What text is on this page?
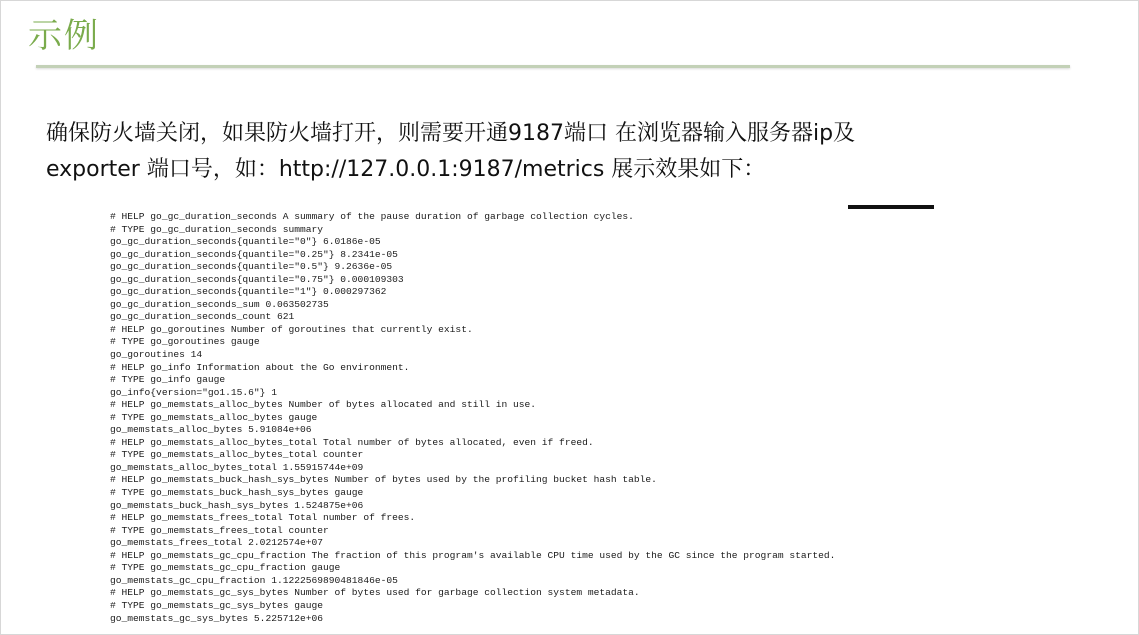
示例
确保防火墙关闭，如果防火墙打开，则需要开通9187端口 在浏览器输入服务器ip及
exporter 端口号，如：http://127.0.0.1:9187/metrics 展示效果如下：
# HELP go_gc_duration_seconds A summary of the pause duration of garbage collection cycles.
# TYPE go_gc_duration_seconds summary
go_gc_duration_seconds{quantile="0"} 6.0186e-05
go_gc_duration_seconds{quantile="0.25"} 8.2341e-05
go_gc_duration_seconds{quantile="0.5"} 9.2636e-05
go_gc_duration_seconds{quantile="0.75"} 0.000109303
go_gc_duration_seconds{quantile="1"} 0.000297362
go_gc_duration_seconds_sum 0.063502735
go_gc_duration_seconds_count 621
# HELP go_goroutines Number of goroutines that currently exist.
# TYPE go_goroutines gauge
go_goroutines 14
# HELP go_info Information about the Go environment.
# TYPE go_info gauge
go_info{version="go1.15.6"} 1
# HELP go_memstats_alloc_bytes Number of bytes allocated and still in use.
# TYPE go_memstats_alloc_bytes gauge
go_memstats_alloc_bytes 5.91084e+06
# HELP go_memstats_alloc_bytes_total Total number of bytes allocated, even if freed.
# TYPE go_memstats_alloc_bytes_total counter
go_memstats_alloc_bytes_total 1.55915744e+09
# HELP go_memstats_buck_hash_sys_bytes Number of bytes used by the profiling bucket hash table.
# TYPE go_memstats_buck_hash_sys_bytes gauge
go_memstats_buck_hash_sys_bytes 1.524875e+06
# HELP go_memstats_frees_total Total number of frees.
# TYPE go_memstats_frees_total counter
go_memstats_frees_total 2.0212574e+07
# HELP go_memstats_gc_cpu_fraction The fraction of this program's available CPU time used by the GC since the program started.
# TYPE go_memstats_gc_cpu_fraction gauge
go_memstats_gc_cpu_fraction 1.1222569890481846e-05
# HELP go_memstats_gc_sys_bytes Number of bytes used for garbage collection system metadata.
# TYPE go_memstats_gc_sys_bytes gauge
go_memstats_gc_sys_bytes 5.225712e+06
